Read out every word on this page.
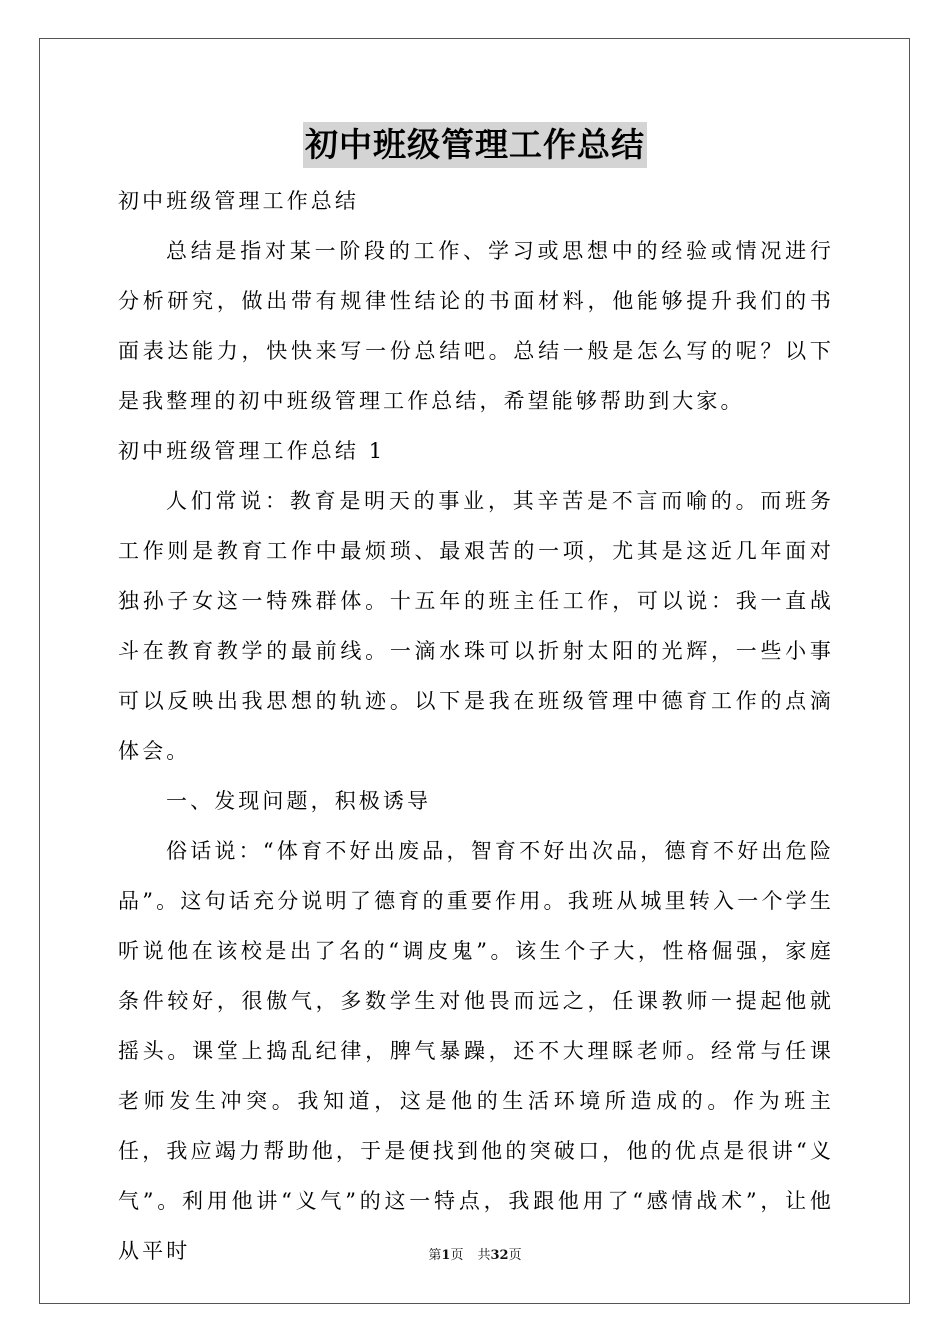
初中班级管理工作总结

初中班级管理工作总结

总结是指对某一阶段的工作、学习或思想中的经验或情况进行分析研究，做出带有规律性结论的书面材料，他能够提升我们的书面表达能力，快快来写一份总结吧。总结一般是怎么写的呢？以下是我整理的初中班级管理工作总结，希望能够帮助到大家。

初中班级管理工作总结 1

人们常说：教育是明天的事业，其辛苦是不言而喻的。而班务工作则是教育工作中最烦琐、最艰苦的一项，尤其是这近几年面对独孙子女这一特殊群体。十五年的班主任工作，可以说：我一直战斗在教育教学的最前线。一滴水珠可以折射太阳的光辉，一些小事可以反映出我思想的轨迹。以下是我在班级管理中德育工作的点滴体会。

一、发现问题，积极诱导

俗话说：“体育不好出废品，智育不好出次品，德育不好出危险品”。这句话充分说明了德育的重要作用。我班从城里转入一个学生听说他在该校是出了名的“调皮鬼”。该生个子大，性格倔强，家庭条件较好，很傲气，多数学生对他畏而远之，任课教师一提起他就摇头。课堂上捣乱纪律，脾气暴躁，还不大理睬老师。经常与任课老师发生冲突。我知道，这是他的生活环境所造成的。作为班主任，我应竭力帮助他，于是便找到他的突破口，他的优点是很讲“义气”。利用他讲“义气”的这一特点，我跟他用了“感情战术”，让他从平时	第1页 共32页
